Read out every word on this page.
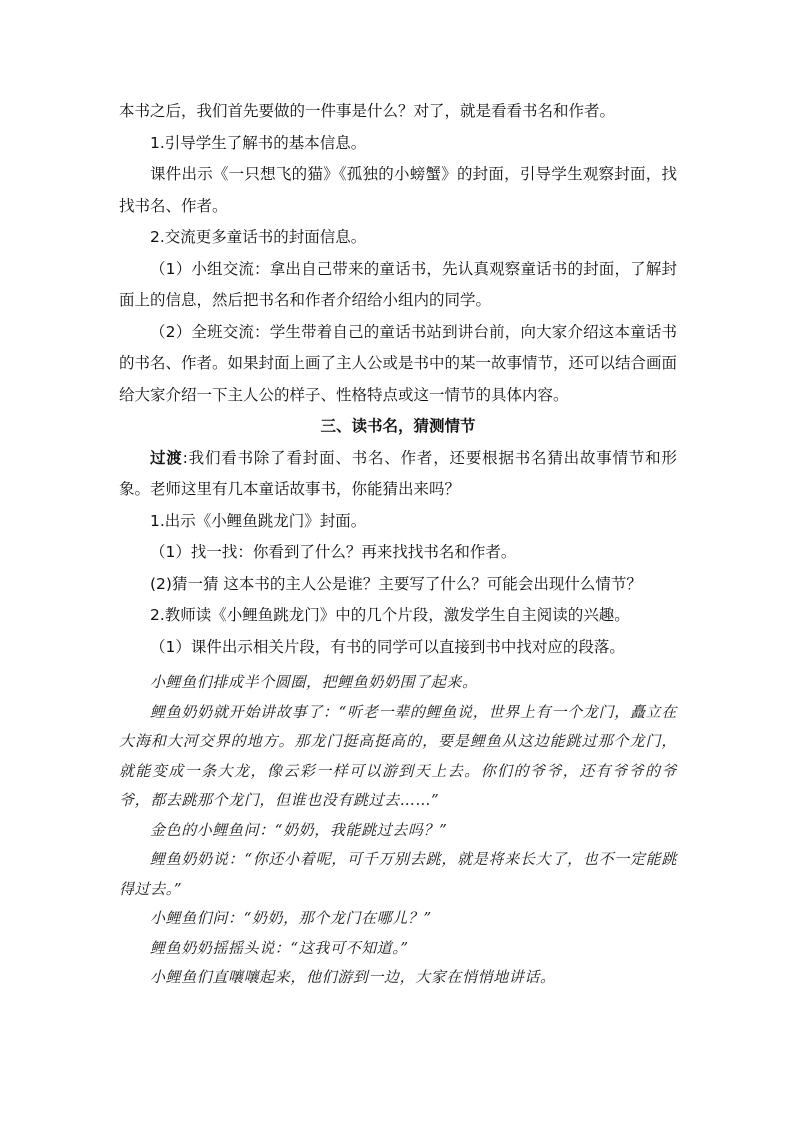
本书之后，我们首先要做的一件事是什么？对了，就是看看书名和作者。

1.引导学生了解书的基本信息。

课件出示《一只想飞的猫》《孤独的小螃蟹》的封面，引导学生观察封面，找找书名、作者。

2.交流更多童话书的封面信息。

（1）小组交流：拿出自己带来的童话书，先认真观察童话书的封面，了解封面上的信息，然后把书名和作者介绍给小组内的同学。

（2）全班交流：学生带着自己的童话书站到讲台前，向大家介绍这本童话书的书名、作者。如果封面上画了主人公或是书中的某一故事情节，还可以结合画面给大家介绍一下主人公的样子、性格特点或这一情节的具体内容。

三、读书名，猜测情节

过渡:我们看书除了看封面、书名、作者，还要根据书名猜出故事情节和形象。老师这里有几本童话故事书，你能猜出来吗？

1.出示《小鲤鱼跳龙门》封面。

（1）找一找：你看到了什么？再来找找书名和作者。

(2)猜一猜 这本书的主人公是谁？主要写了什么？可能会出现什么情节？

2.教师读《小鲤鱼跳龙门》中的几个片段，激发学生自主阅读的兴趣。

（1）课件出示相关片段，有书的同学可以直接到书中找对应的段落。

小鲤鱼们排成半个圆圈，把鲤鱼奶奶围了起来。

鲤鱼奶奶就开始讲故事了：“听老一辈的鲤鱼说，世界上有一个龙门，矗立在大海和大河交界的地方。那龙门挺高挺高的，要是鲤鱼从这边能跳过那个龙门，就能变成一条大龙，像云彩一样可以游到天上去。你们的爷爷，还有爷爷的爷爷，都去跳那个龙门，但谁也没有跳过去……”

金色的小鲤鱼问：“奶奶，我能跳过去吗？”

鲤鱼奶奶说：“你还小着呢，可千万别去跳，就是将来长大了，也不一定能跳得过去。”

小鲤鱼们问：“奶奶，那个龙门在哪儿？”

鲤鱼奶奶摇摇头说：“这我可不知道。”

小鲤鱼们直嚷嚷起来，他们游到一边，大家在悄悄地讲话。
